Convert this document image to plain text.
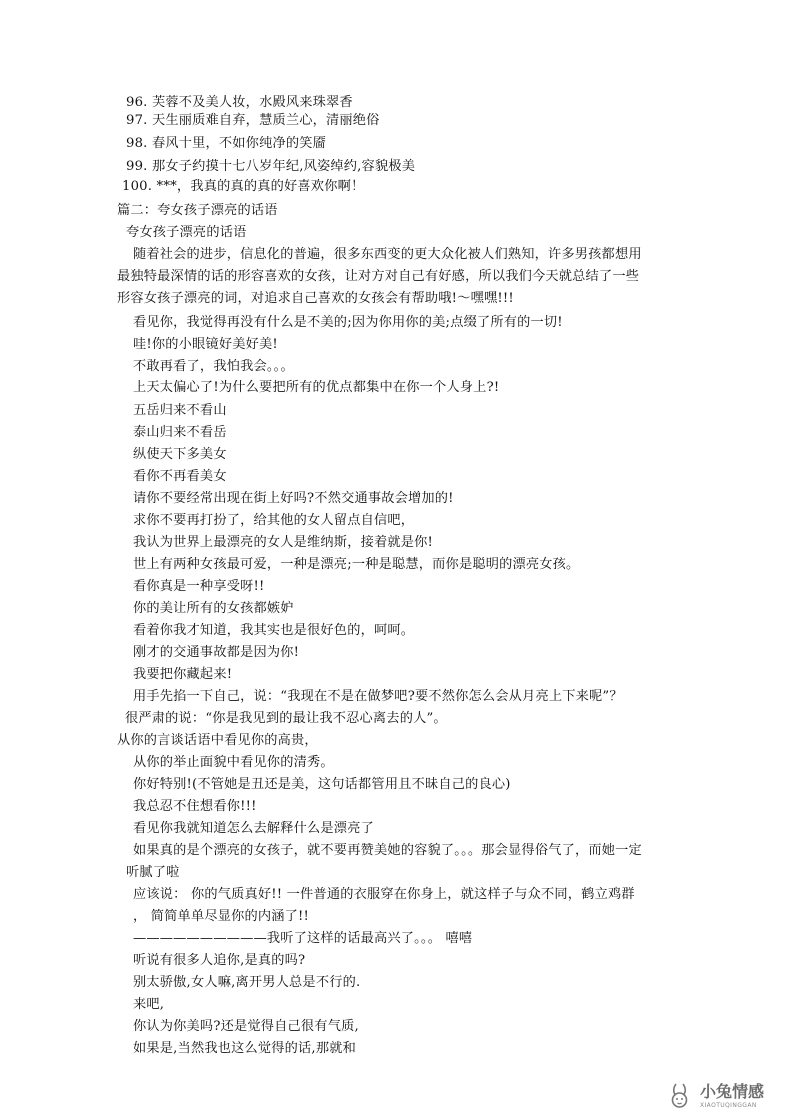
96. 芙蓉不及美人妆，水殿风来珠翠香
97. 天生丽质难自弃，慧质兰心，清丽绝俗
98. 春风十里，不如你纯净的笑靥
99. 那女子约摸十七八岁年纪,风姿绰约,容貌极美
100. ***，我真的真的真的好喜欢你啊！
篇二：夸女孩子漂亮的话语
夸女孩子漂亮的话语
随着社会的进步，信息化的普遍，很多东西变的更大众化被人们熟知，许多男孩都想用
最独特最深情的话的形容喜欢的女孩，让对方对自己有好感，所以我们今天就总结了一些
形容女孩子漂亮的词，对追求自己喜欢的女孩会有帮助哦!～嘿嘿!!!
看见你，我觉得再没有什么是不美的;因为你用你的美;点缀了所有的一切!
哇!你的小眼镜好美好美!
不敢再看了，我怕我会。。。
上天太偏心了!为什么要把所有的优点都集中在你一个人身上?!
五岳归来不看山
泰山归来不看岳
纵使天下多美女
看你不再看美女
请你不要经常出现在街上好吗?不然交通事故会增加的!
求你不要再打扮了，给其他的女人留点自信吧，
我认为世界上最漂亮的女人是维纳斯，接着就是你!
世上有两种女孩最可爱，一种是漂亮;一种是聪慧，而你是聪明的漂亮女孩。
看你真是一种享受呀!!
你的美让所有的女孩都嫉妒
看着你我才知道，我其实也是很好色的，呵呵。
刚才的交通事故都是因为你!
我要把你藏起来!
用手先掐一下自己，说：“我现在不是在做梦吧?要不然你怎么会从月亮上下来呢”？
很严肃的说：“你是我见到的最让我不忍心离去的人”。
从你的言谈话语中看见你的高贵，
从你的举止面貌中看见你的清秀。
你好特别!(不管她是丑还是美，这句话都管用且不昧自己的良心)
我总忍不住想看你!!!
看见你我就知道怎么去解释什么是漂亮了
如果真的是个漂亮的女孩子，就不要再赞美她的容貌了。。。那会显得俗气了，而她一定
听腻了啦
应该说： 你的气质真好!! 一件普通的衣服穿在你身上，就这样子与众不同，鹤立鸡群
， 简简单单尽显你的内涵了!!
——————————我听了这样的话最高兴了。。。 嘻嘻
听说有很多人追你,是真的吗?
别太骄傲,女人嘛,离开男人总是不行的.
来吧,
你认为你美吗?还是觉得自己很有气质,
如果是,当然我也这么觉得的话,那就和
小兔情感
XIAOTUQINGGAN
